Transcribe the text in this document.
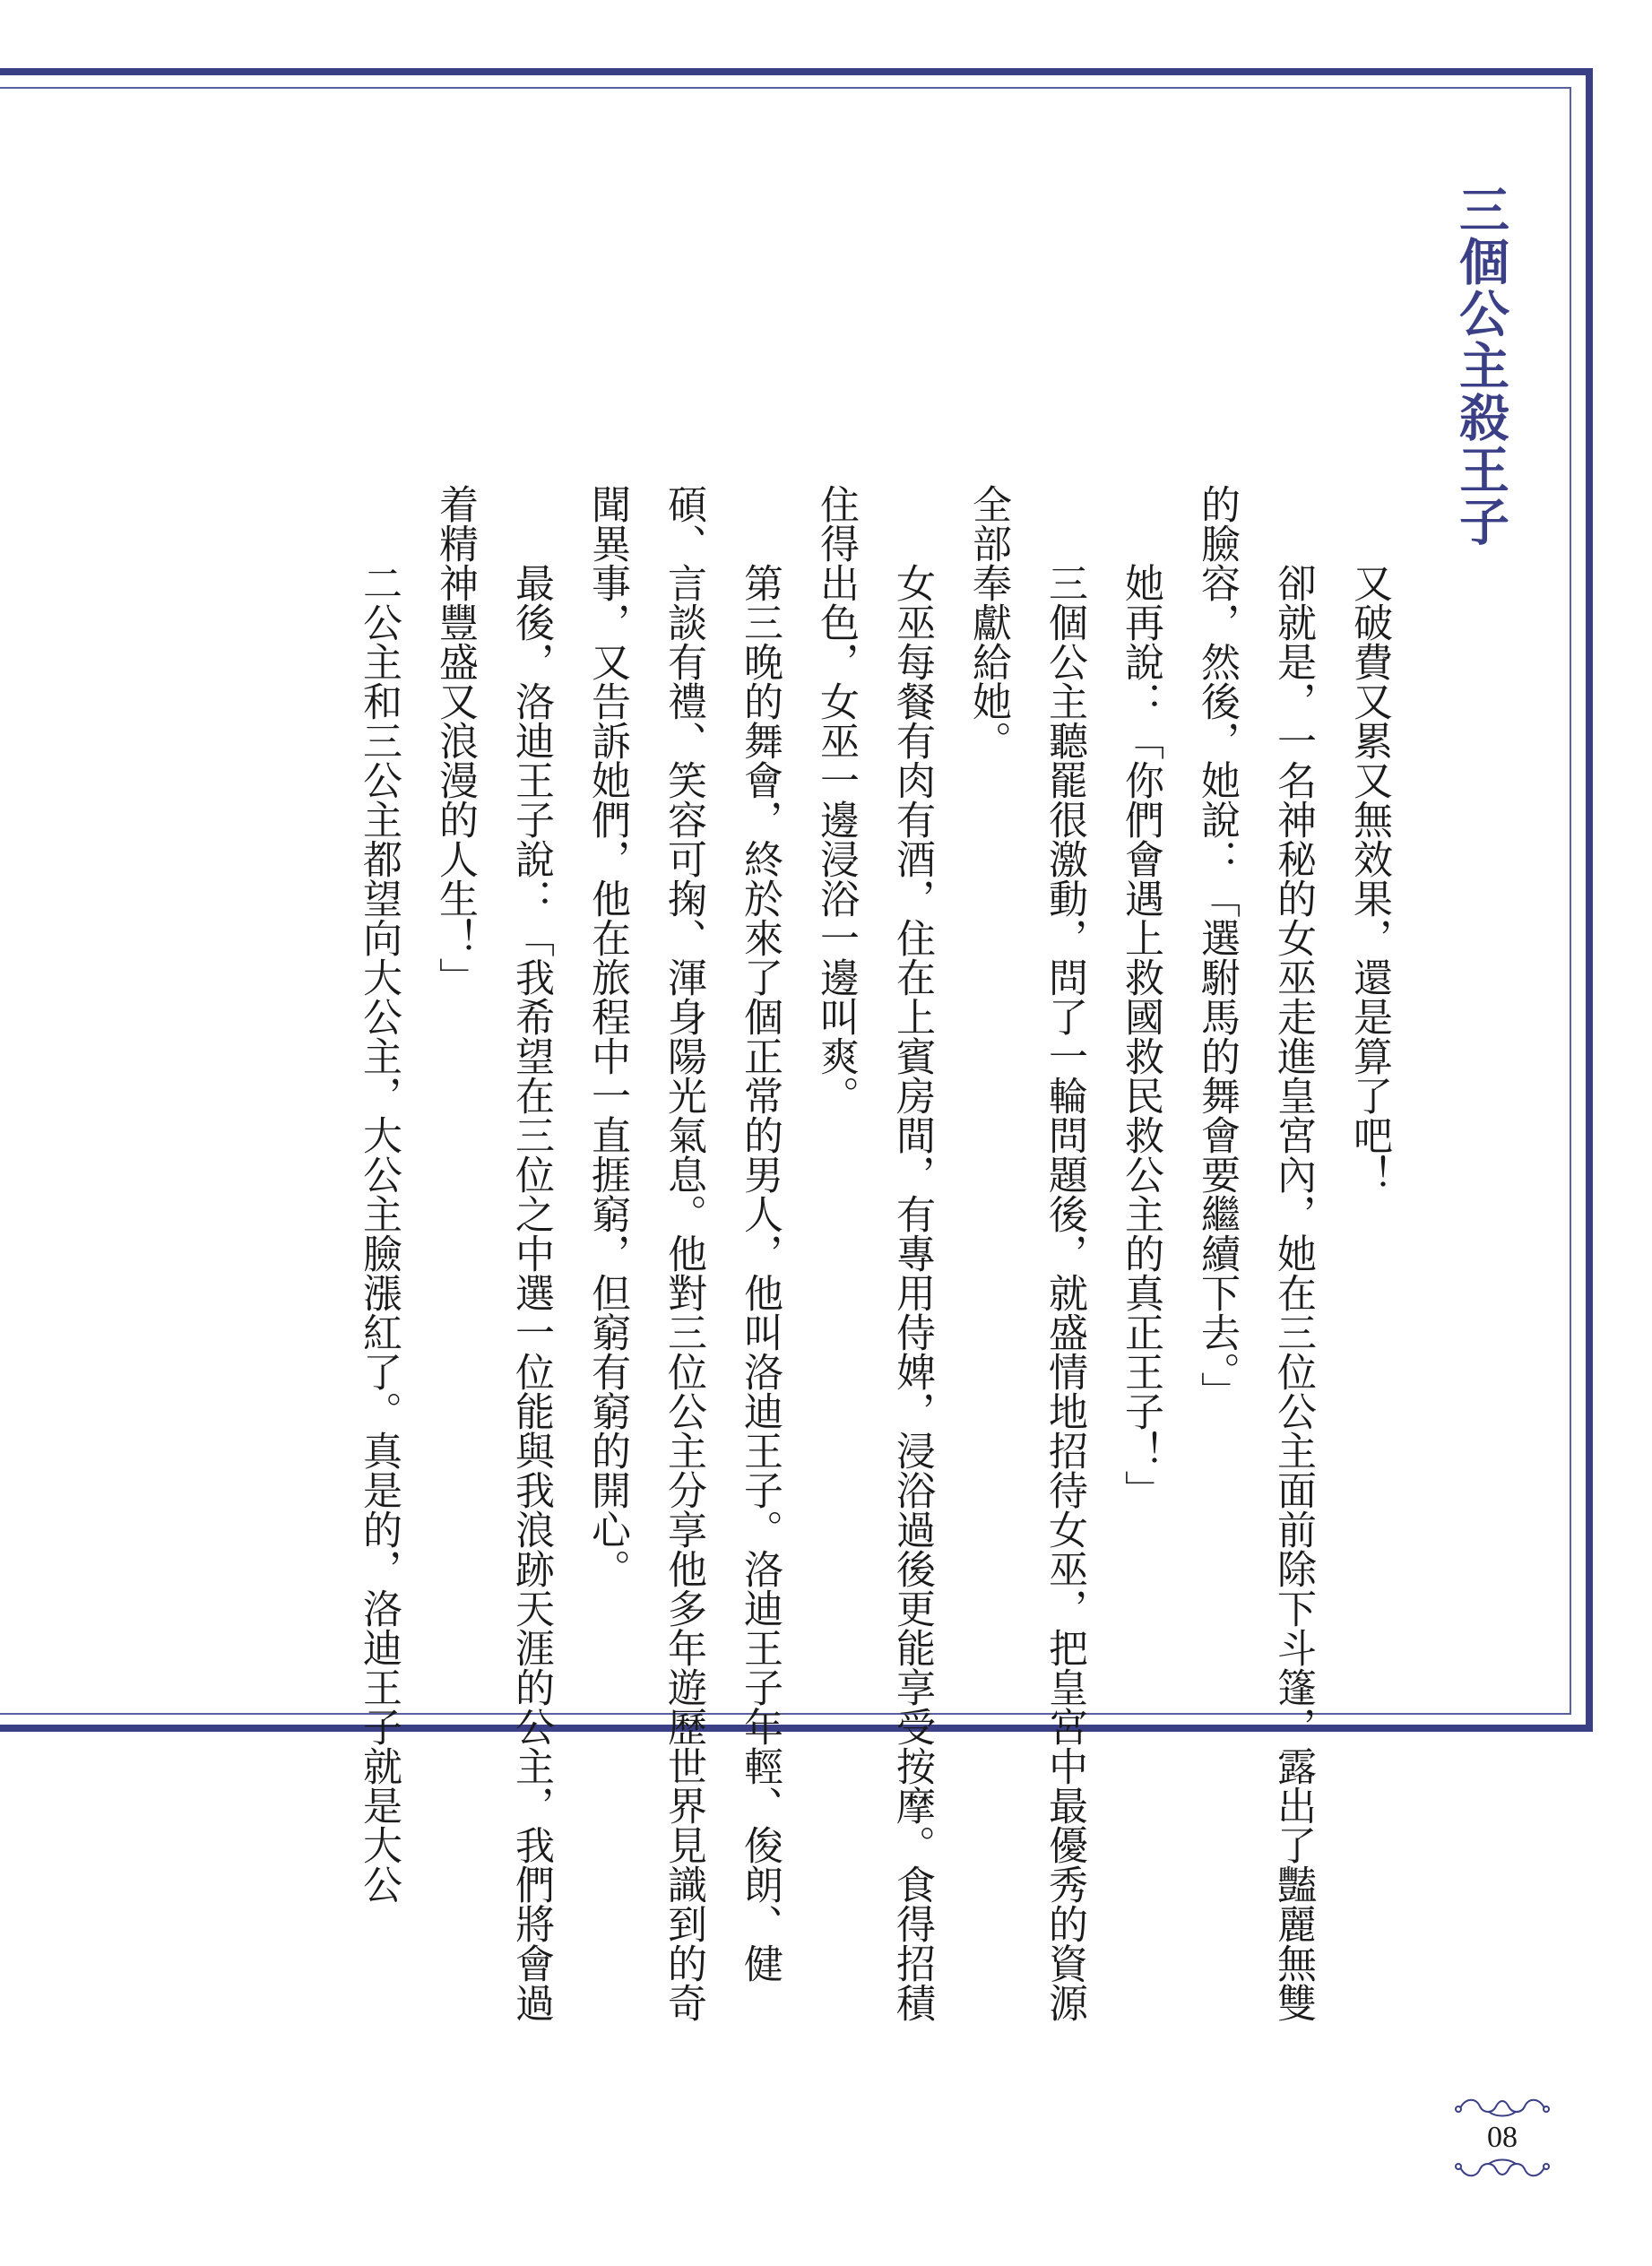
三個公主殺王子

又破費又累又無效果，還是算了吧！

卻就是，一名神秘的女巫走進皇宮內，她在三位公主面前除下斗篷，露出了豔麗無雙的臉容，然後，她說：「選駙馬的舞會要繼續下去。」

她再說：「你們會遇上救國救民救公主的真正王子！」

三個公主聽罷很激動，問了一輪問題後，就盛情地招待女巫，把皇宮中最優秀的資源全部奉獻給她。

女巫每餐有肉有酒，住在上賓房間，有專用侍婢，浸浴過後更能享受按摩。食得招積住得出色，女巫一邊浸浴一邊叫爽。

第三晚的舞會，終於來了個正常的男人，他叫洛迪王子。洛迪王子年輕、俊朗、健碩、言談有禮、笑容可掬、渾身陽光氣息。他對三位公主分享他多年遊歷世界見識到的奇聞異事，又告訴她們，他在旅程中一直捱窮，但窮有窮的開心。

最後，洛迪王子說：「我希望在三位之中選一位能與我浪跡天涯的公主，我們將會過着精神豐盛又浪漫的人生！」

二公主和三公主都望向大公主，大公主臉漲紅了。真是的，洛迪王子就是大公

08
